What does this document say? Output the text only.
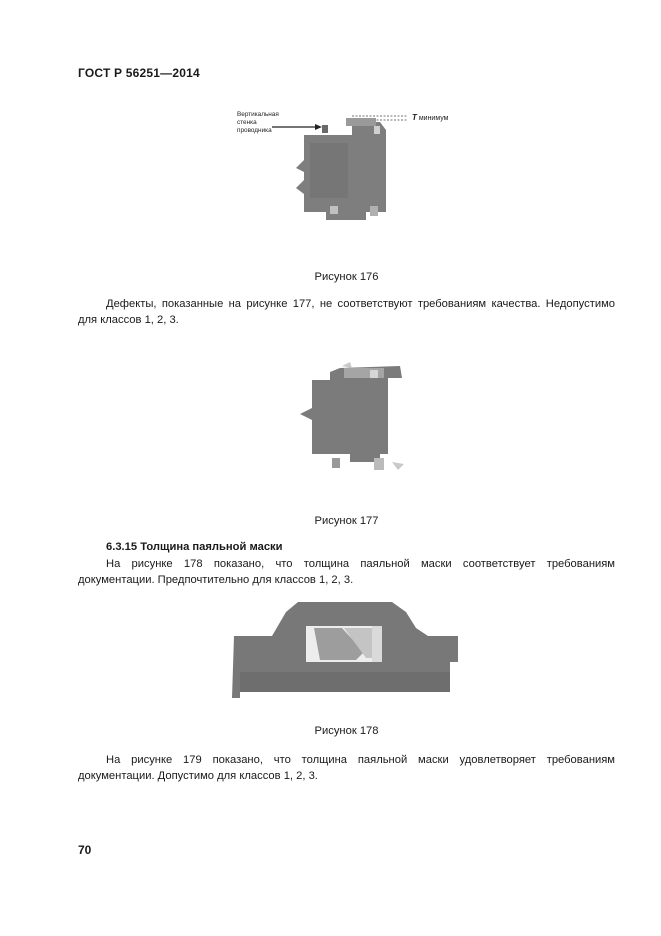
ГОСТ Р 56251—2014
Вертикальная стенка проводника
Т минимум
Рисунок 176
Дефекты, показанные на рисунке 177, не соответствуют требованиям качества. Недопустимо для классов 1, 2, 3.
Рисунок 177
6.3.15 Толщина паяльной маски
На рисунке 178 показано, что толщина паяльной маски соответствует требованиям документации. Предпочтительно для классов 1, 2, 3.
Рисунок 178
На рисунке 179 показано, что толщина паяльной маски удовлетворяет требованиям документации. Допустимо для классов 1, 2, 3.
70
